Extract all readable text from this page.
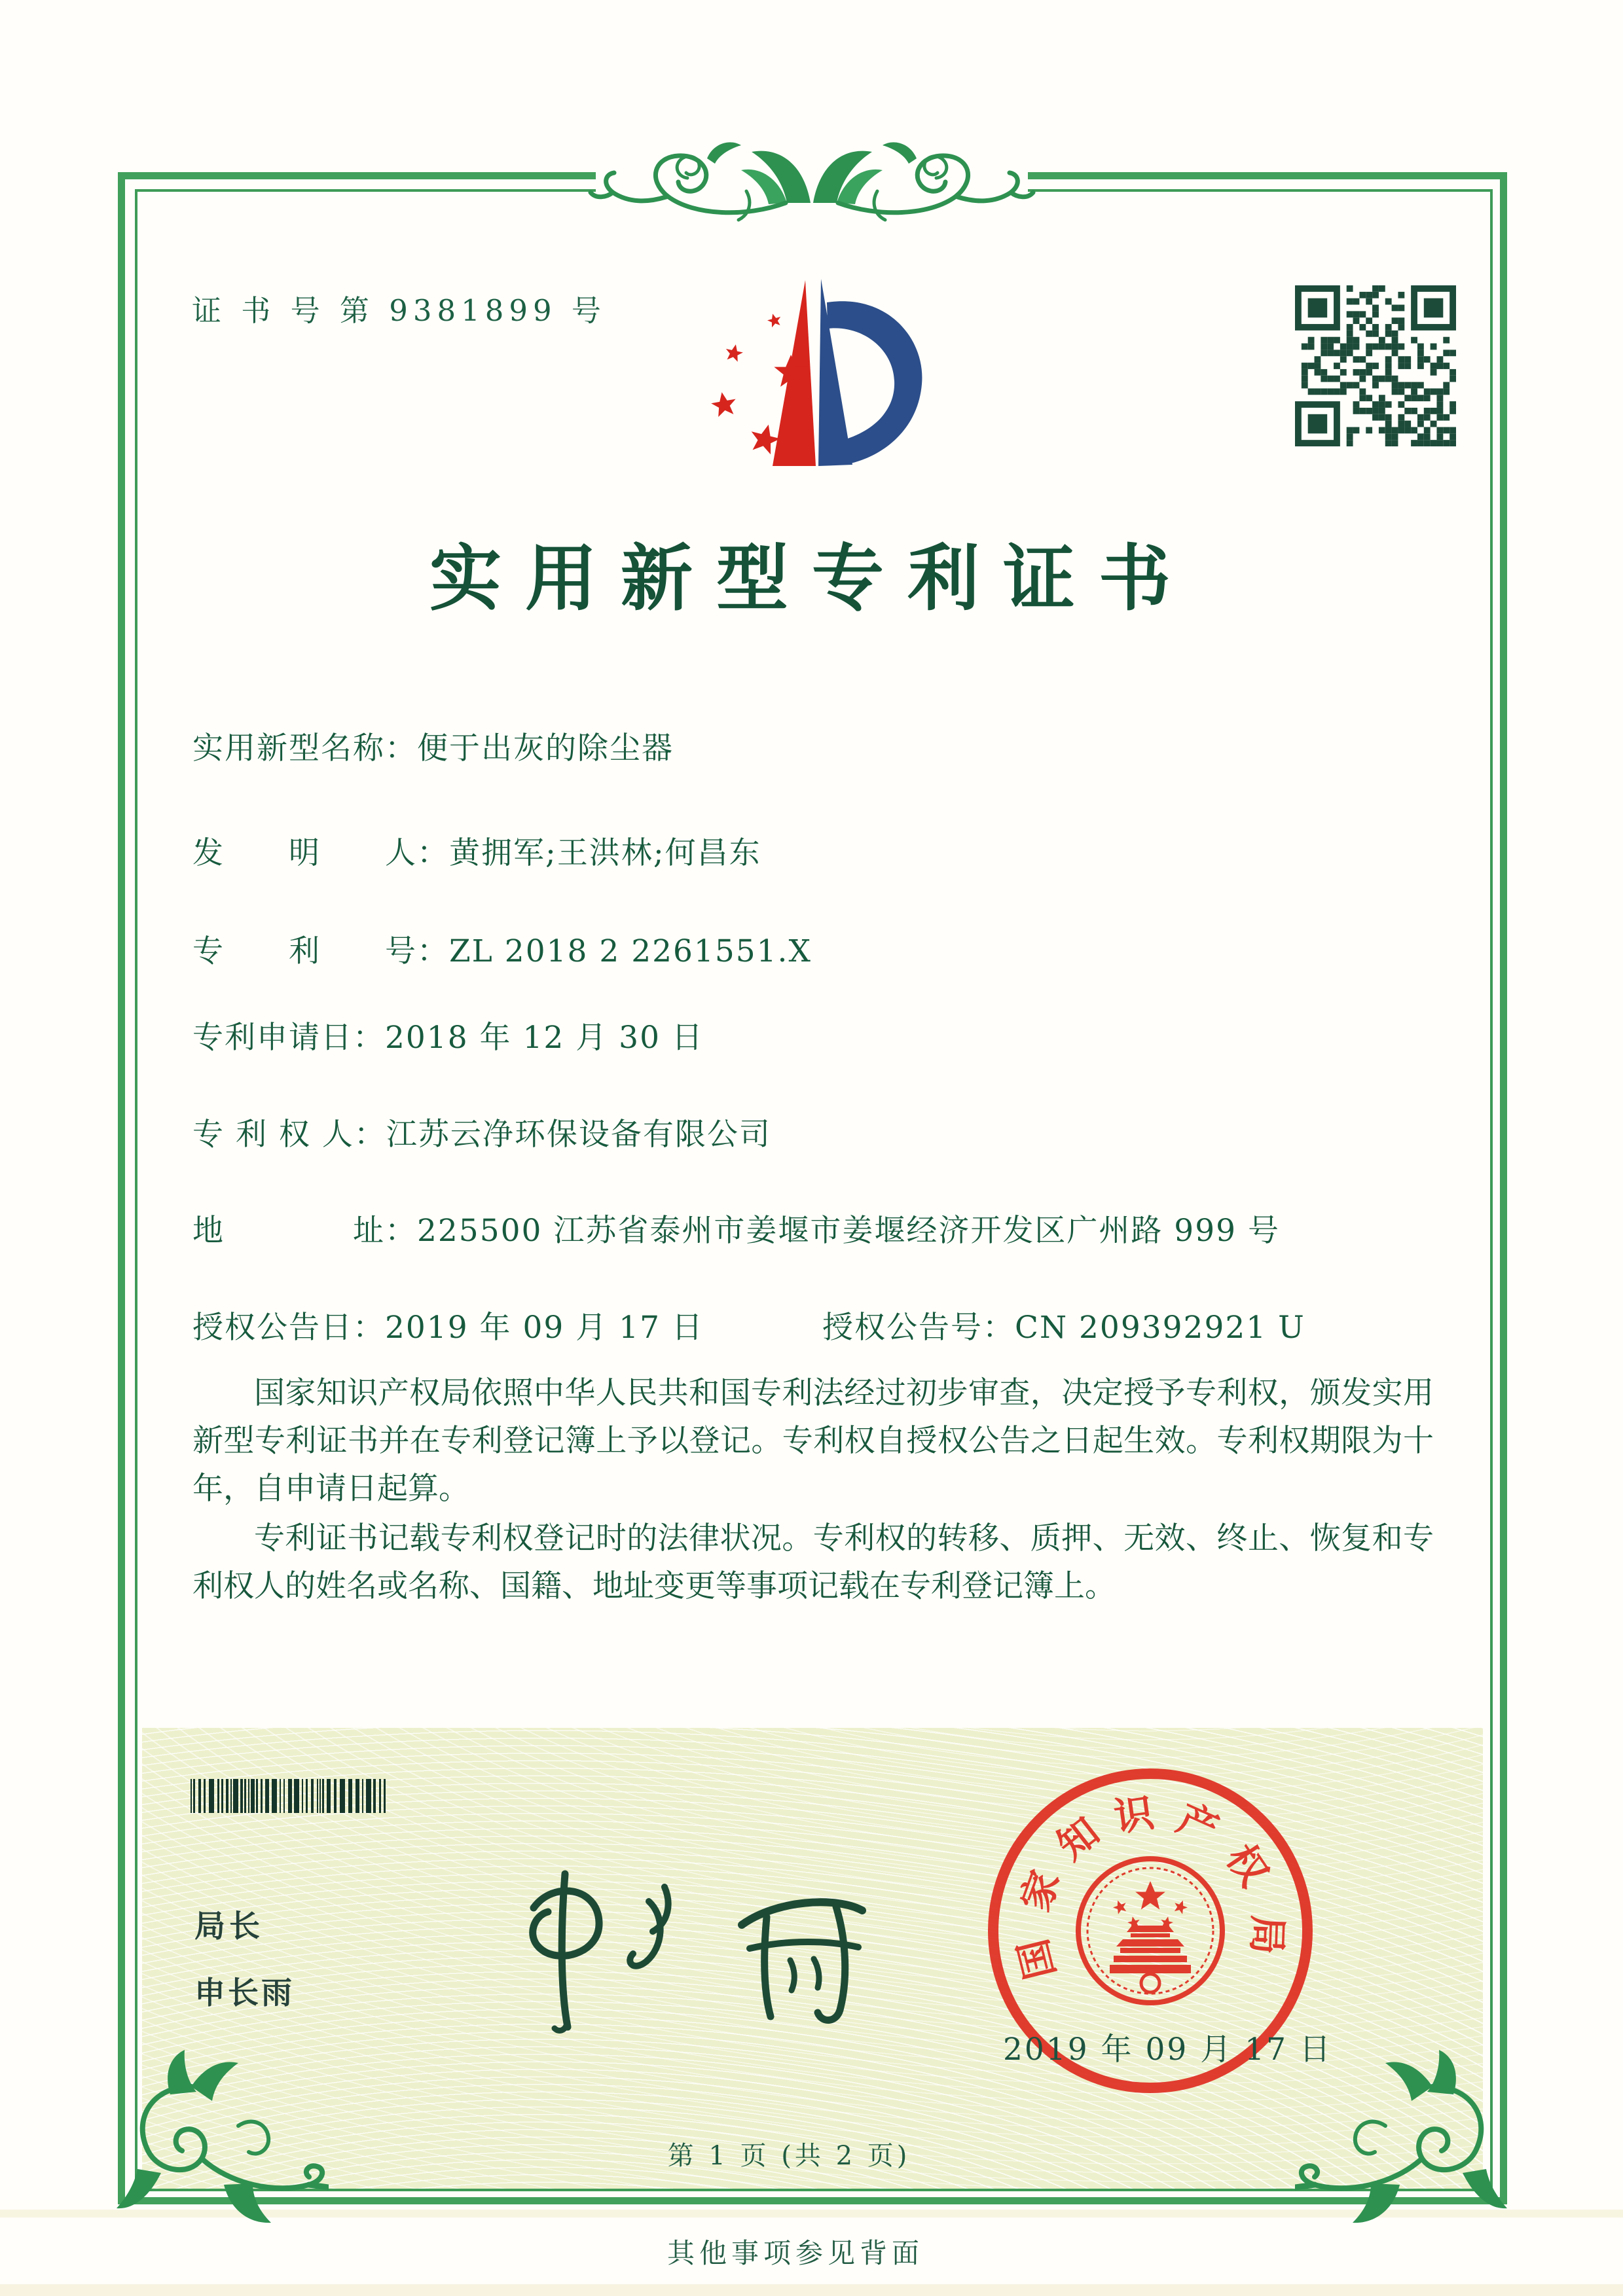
证 书 号 第 9381899 号
实用新型专利证书
实用新型名称：便于出灰的除尘器
发　　明　　人：黄拥军;王洪林;何昌东
专　　利　　号：ZL 2018 2 2261551.X
专利申请日：2018 年 12 月 30 日
专 利 权 人：江苏云净环保设备有限公司
地　　　　址：225500 江苏省泰州市姜堰市姜堰经济开发区广州路 999 号
授权公告日：2019 年 09 月 17 日	授权公告号：CN 209392921 U
国家知识产权局依照中华人民共和国专利法经过初步审查，决定授予专利权，颁发实用新型专利证书并在专利登记簿上予以登记。专利权自授权公告之日起生效。专利权期限为十年，自申请日起算。
专利证书记载专利权登记时的法律状况。专利权的转移、质押、无效、终止、恢复和专利权人的姓名或名称、国籍、地址变更等事项记载在专利登记簿上。
局长
申长雨
国
家
知 识 产
权
局
2019 年 09 月 17 日
第 1 页 (共 2 页)
其他事项参见背面
